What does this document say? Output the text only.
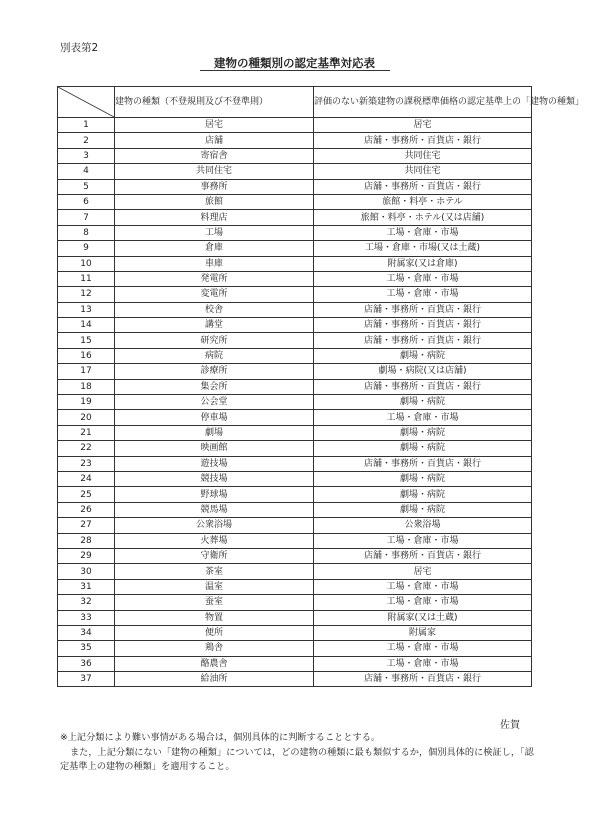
別表第2
建物の種類別の認定基準対応表
	建物の種類（不登規則及び不登準則）	評価のない新築建物の課税標準価格の認定基準上の「建物の種類」
1	居宅	居宅
2	店舗	店舗・事務所・百貨店・銀行
3	寄宿舎	共同住宅
4	共同住宅	共同住宅
5	事務所	店舗・事務所・百貨店・銀行
6	旅館	旅館・料亭・ホテル
7	料理店	旅館・料亭・ホテル(又は店舗)
8	工場	工場・倉庫・市場
9	倉庫	工場・倉庫・市場(又は土蔵)
10	車庫	附属家(又は倉庫)
11	発電所	工場・倉庫・市場
12	変電所	工場・倉庫・市場
13	校舎	店舗・事務所・百貨店・銀行
14	講堂	店舗・事務所・百貨店・銀行
15	研究所	店舗・事務所・百貨店・銀行
16	病院	劇場・病院
17	診療所	劇場・病院(又は店舗)
18	集会所	店舗・事務所・百貨店・銀行
19	公会堂	劇場・病院
20	停車場	工場・倉庫・市場
21	劇場	劇場・病院
22	映画館	劇場・病院
23	遊技場	店舗・事務所・百貨店・銀行
24	競技場	劇場・病院
25	野球場	劇場・病院
26	競馬場	劇場・病院
27	公衆浴場	公衆浴場
28	火葬場	工場・倉庫・市場
29	守衛所	店舗・事務所・百貨店・銀行
30	茶室	居宅
31	温室	工場・倉庫・市場
32	蚕室	工場・倉庫・市場
33	物置	附属家(又は土蔵)
34	便所	附属家
35	鶏舎	工場・倉庫・市場
36	酪農舎	工場・倉庫・市場
37	給油所	店舗・事務所・百貨店・銀行
佐賀

※上記分類により難い事情がある場合は，個別具体的に判断することとする。

また，上記分類にない「建物の種類」については，どの建物の種類に最も類似するか，個別具体的に検証し，「認定基準上の建物の種類」を適用すること。
